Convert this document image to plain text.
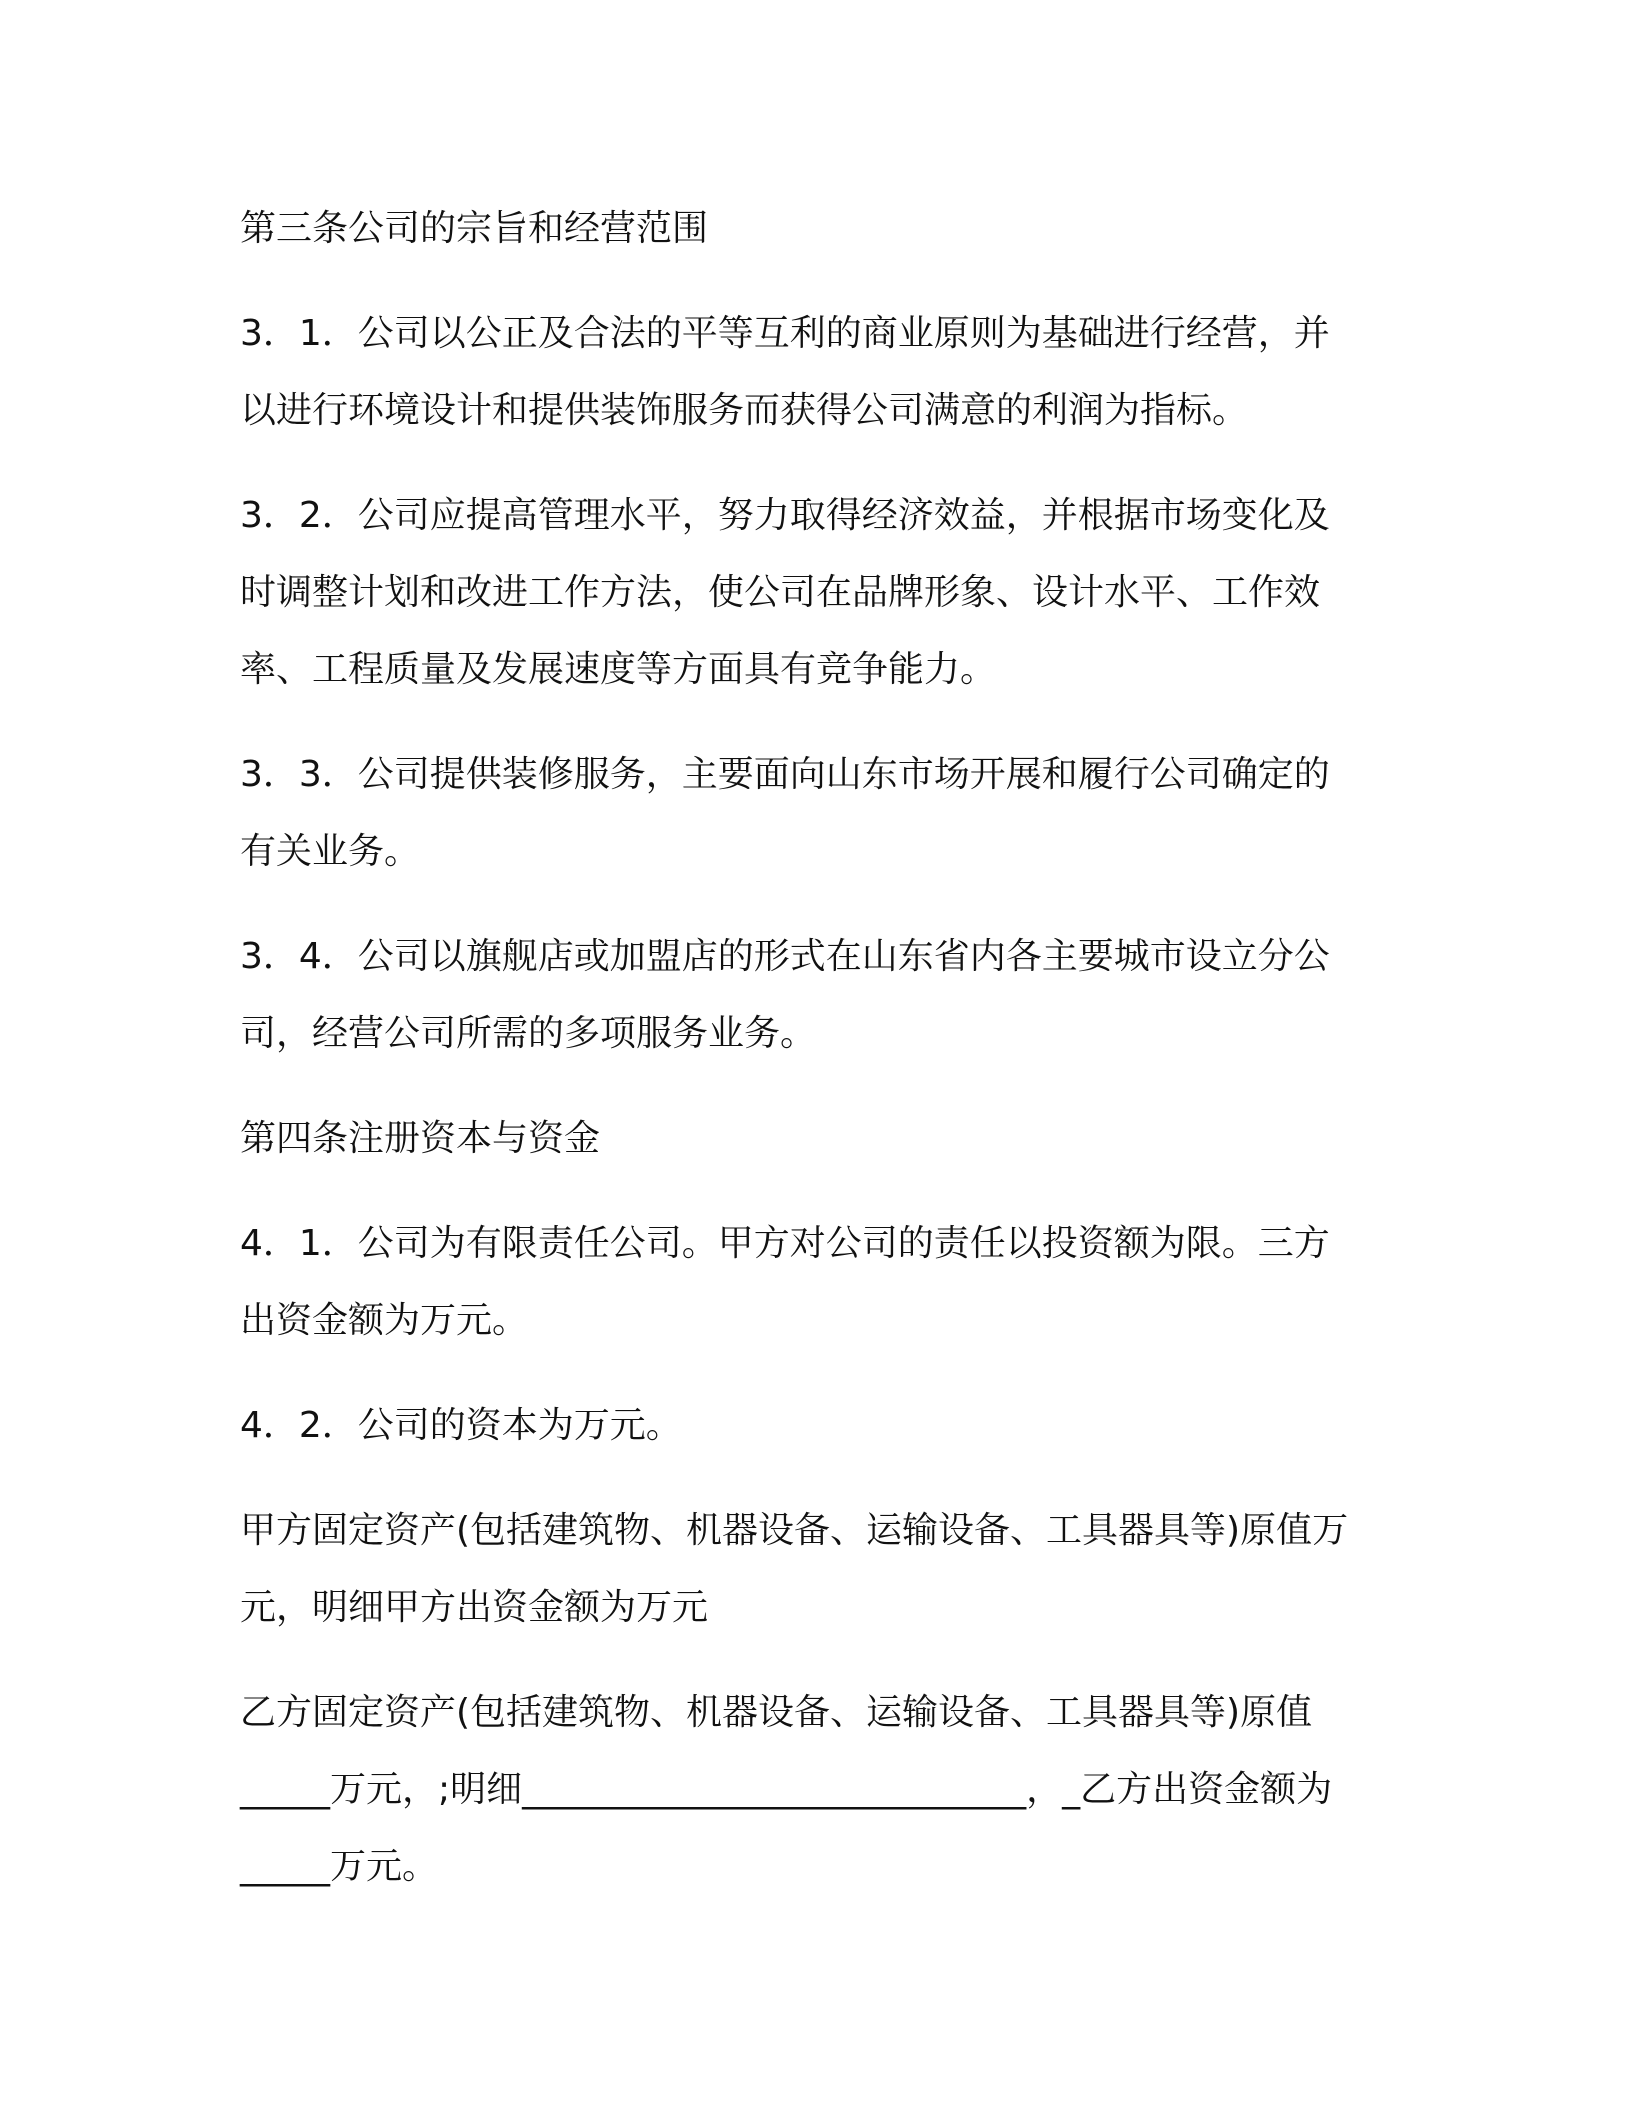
第三条公司的宗旨和经营范围
3．1．公司以公正及合法的平等互利的商业原则为基础进行经营，并
以进行环境设计和提供装饰服务而获得公司满意的利润为指标。
3．2．公司应提高管理水平，努力取得经济效益，并根据市场变化及
时调整计划和改进工作方法，使公司在品牌形象、设计水平、工作效
率、工程质量及发展速度等方面具有竞争能力。
3．3．公司提供装修服务，主要面向山东市场开展和履行公司确定的
有关业务。
3．4．公司以旗舰店或加盟店的形式在山东省内各主要城市设立分公
司，经营公司所需的多项服务业务。
第四条注册资本与资金
4．1．公司为有限责任公司。甲方对公司的责任以投资额为限。三方
出资金额为万元。
4．2．公司的资本为万元。
甲方固定资产(包括建筑物、机器设备、运输设备、工具器具等)原值万
元，明细甲方出资金额为万元
乙方固定资产(包括建筑物、机器设备、运输设备、工具器具等)原值
_____万元，;明细____________________________，_乙方出资金额为
_____万元。
